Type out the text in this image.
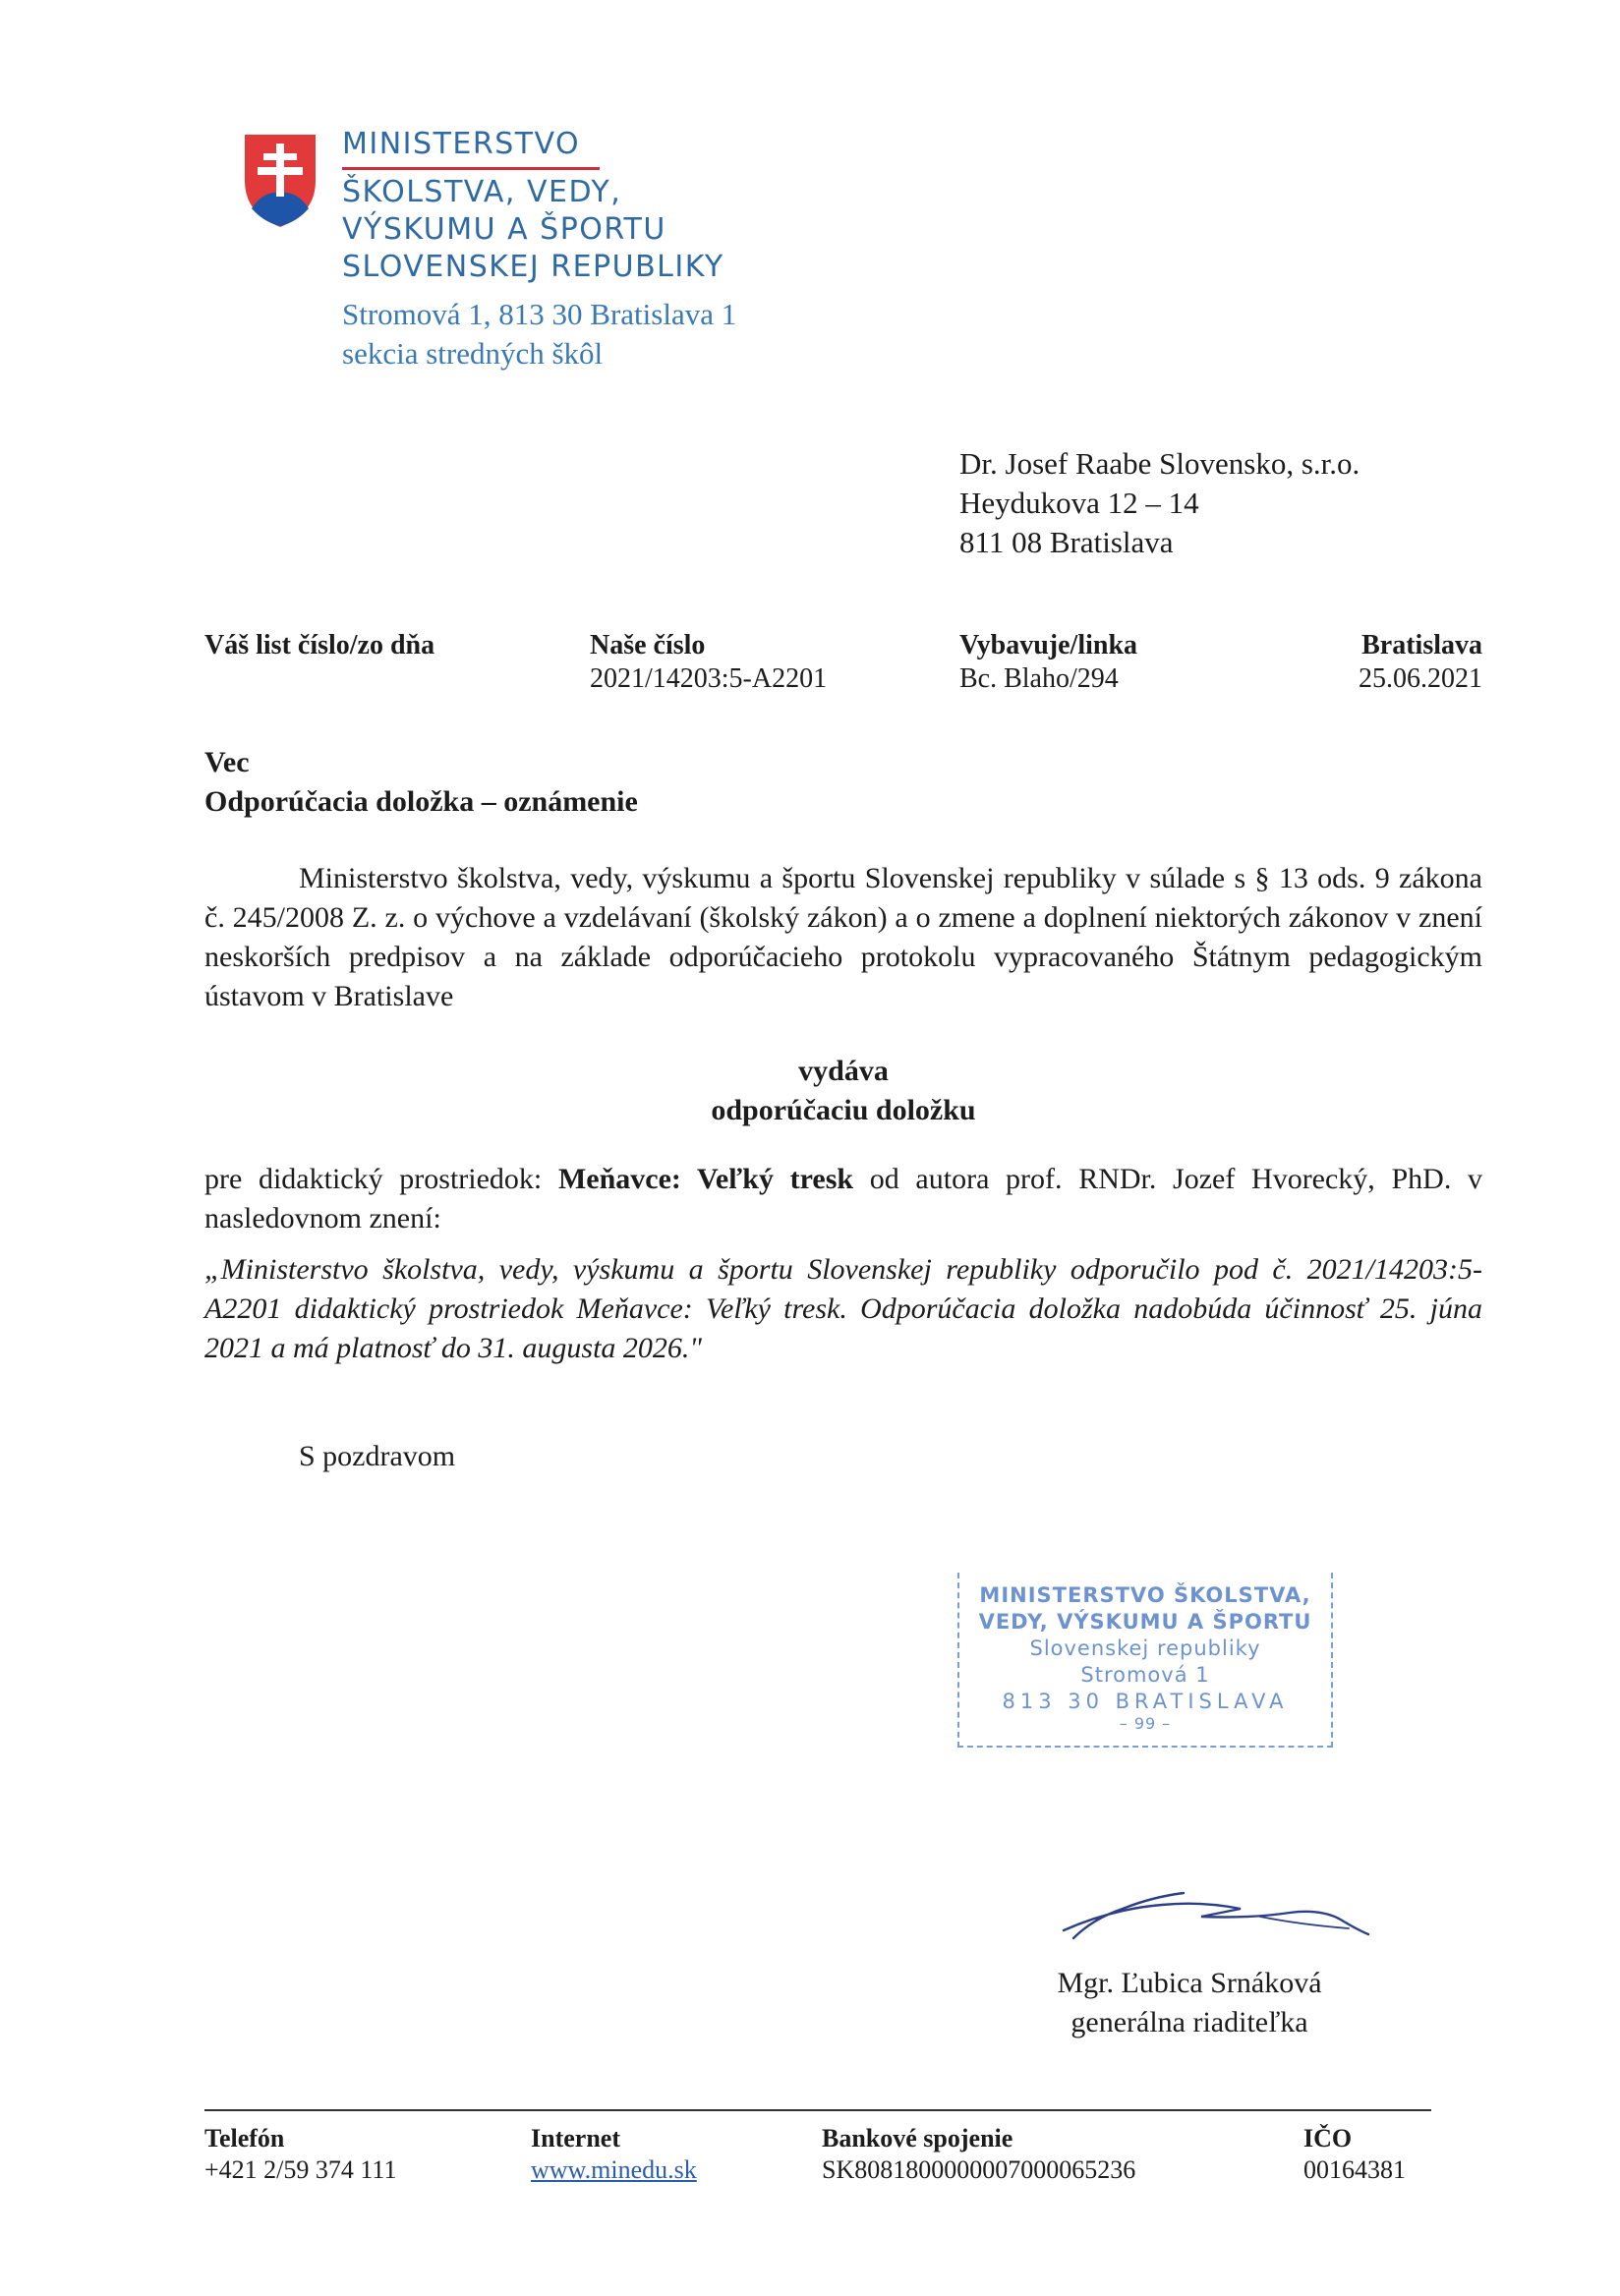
MINISTERSTVO
ŠKOLSTVA, VEDY,
VÝSKUMU A ŠPORTU
SLOVENSKEJ REPUBLIKY
Stromová 1, 813 30 Bratislava 1
sekcia stredných škôl
Dr. Josef Raabe Slovensko, s.r.o.
Heydukova 12 – 14
811 08 Bratislava
Váš list číslo/zo dňa	Naše číslo
2021/14203:5-A2201
Vybavuje/linka
Bc. Blaho/294
Bratislava
25.06.2021
Vec
Odporúčacia doložka – oznámenie
Ministerstvo školstva, vedy, výskumu a športu Slovenskej republiky v súlade s § 13 ods. 9 zákona č. 245/2008 Z. z. o výchove a vzdelávaní (školský zákon) a o zmene a doplnení niektorých zákonov v znení neskorších predpisov a na základe odporúčacieho protokolu vypracovaného Štátnym pedagogickým ústavom v Bratislave
vydáva
odporúčaciu doložku
pre didaktický prostriedok: Meňavce: Veľký tresk od autora prof. RNDr. Jozef Hvorecký, PhD. v nasledovnom znení:
„Ministerstvo školstva, vedy, výskumu a športu Slovenskej republiky odporučilo pod č. 2021/14203:5-A2201 didaktický prostriedok Meňavce: Veľký tresk. Odporúčacia doložka nadobúda účinnosť 25. júna 2021 a má platnosť do 31. augusta 2026."
S pozdravom
MINISTERSTVO ŠKOLSTVA,
VEDY, VÝSKUMU A ŠPORTU
Slovenskej republiky
Stromová 1
813 30 BRATISLAVA
– 99 –
Mgr. Ľubica Srnáková
generálna riaditeľka
Telefón
+421 2/59 374 111
Internet
www.minedu.sk
Bankové spojenie
SK8081800000007000065236
IČO
00164381
